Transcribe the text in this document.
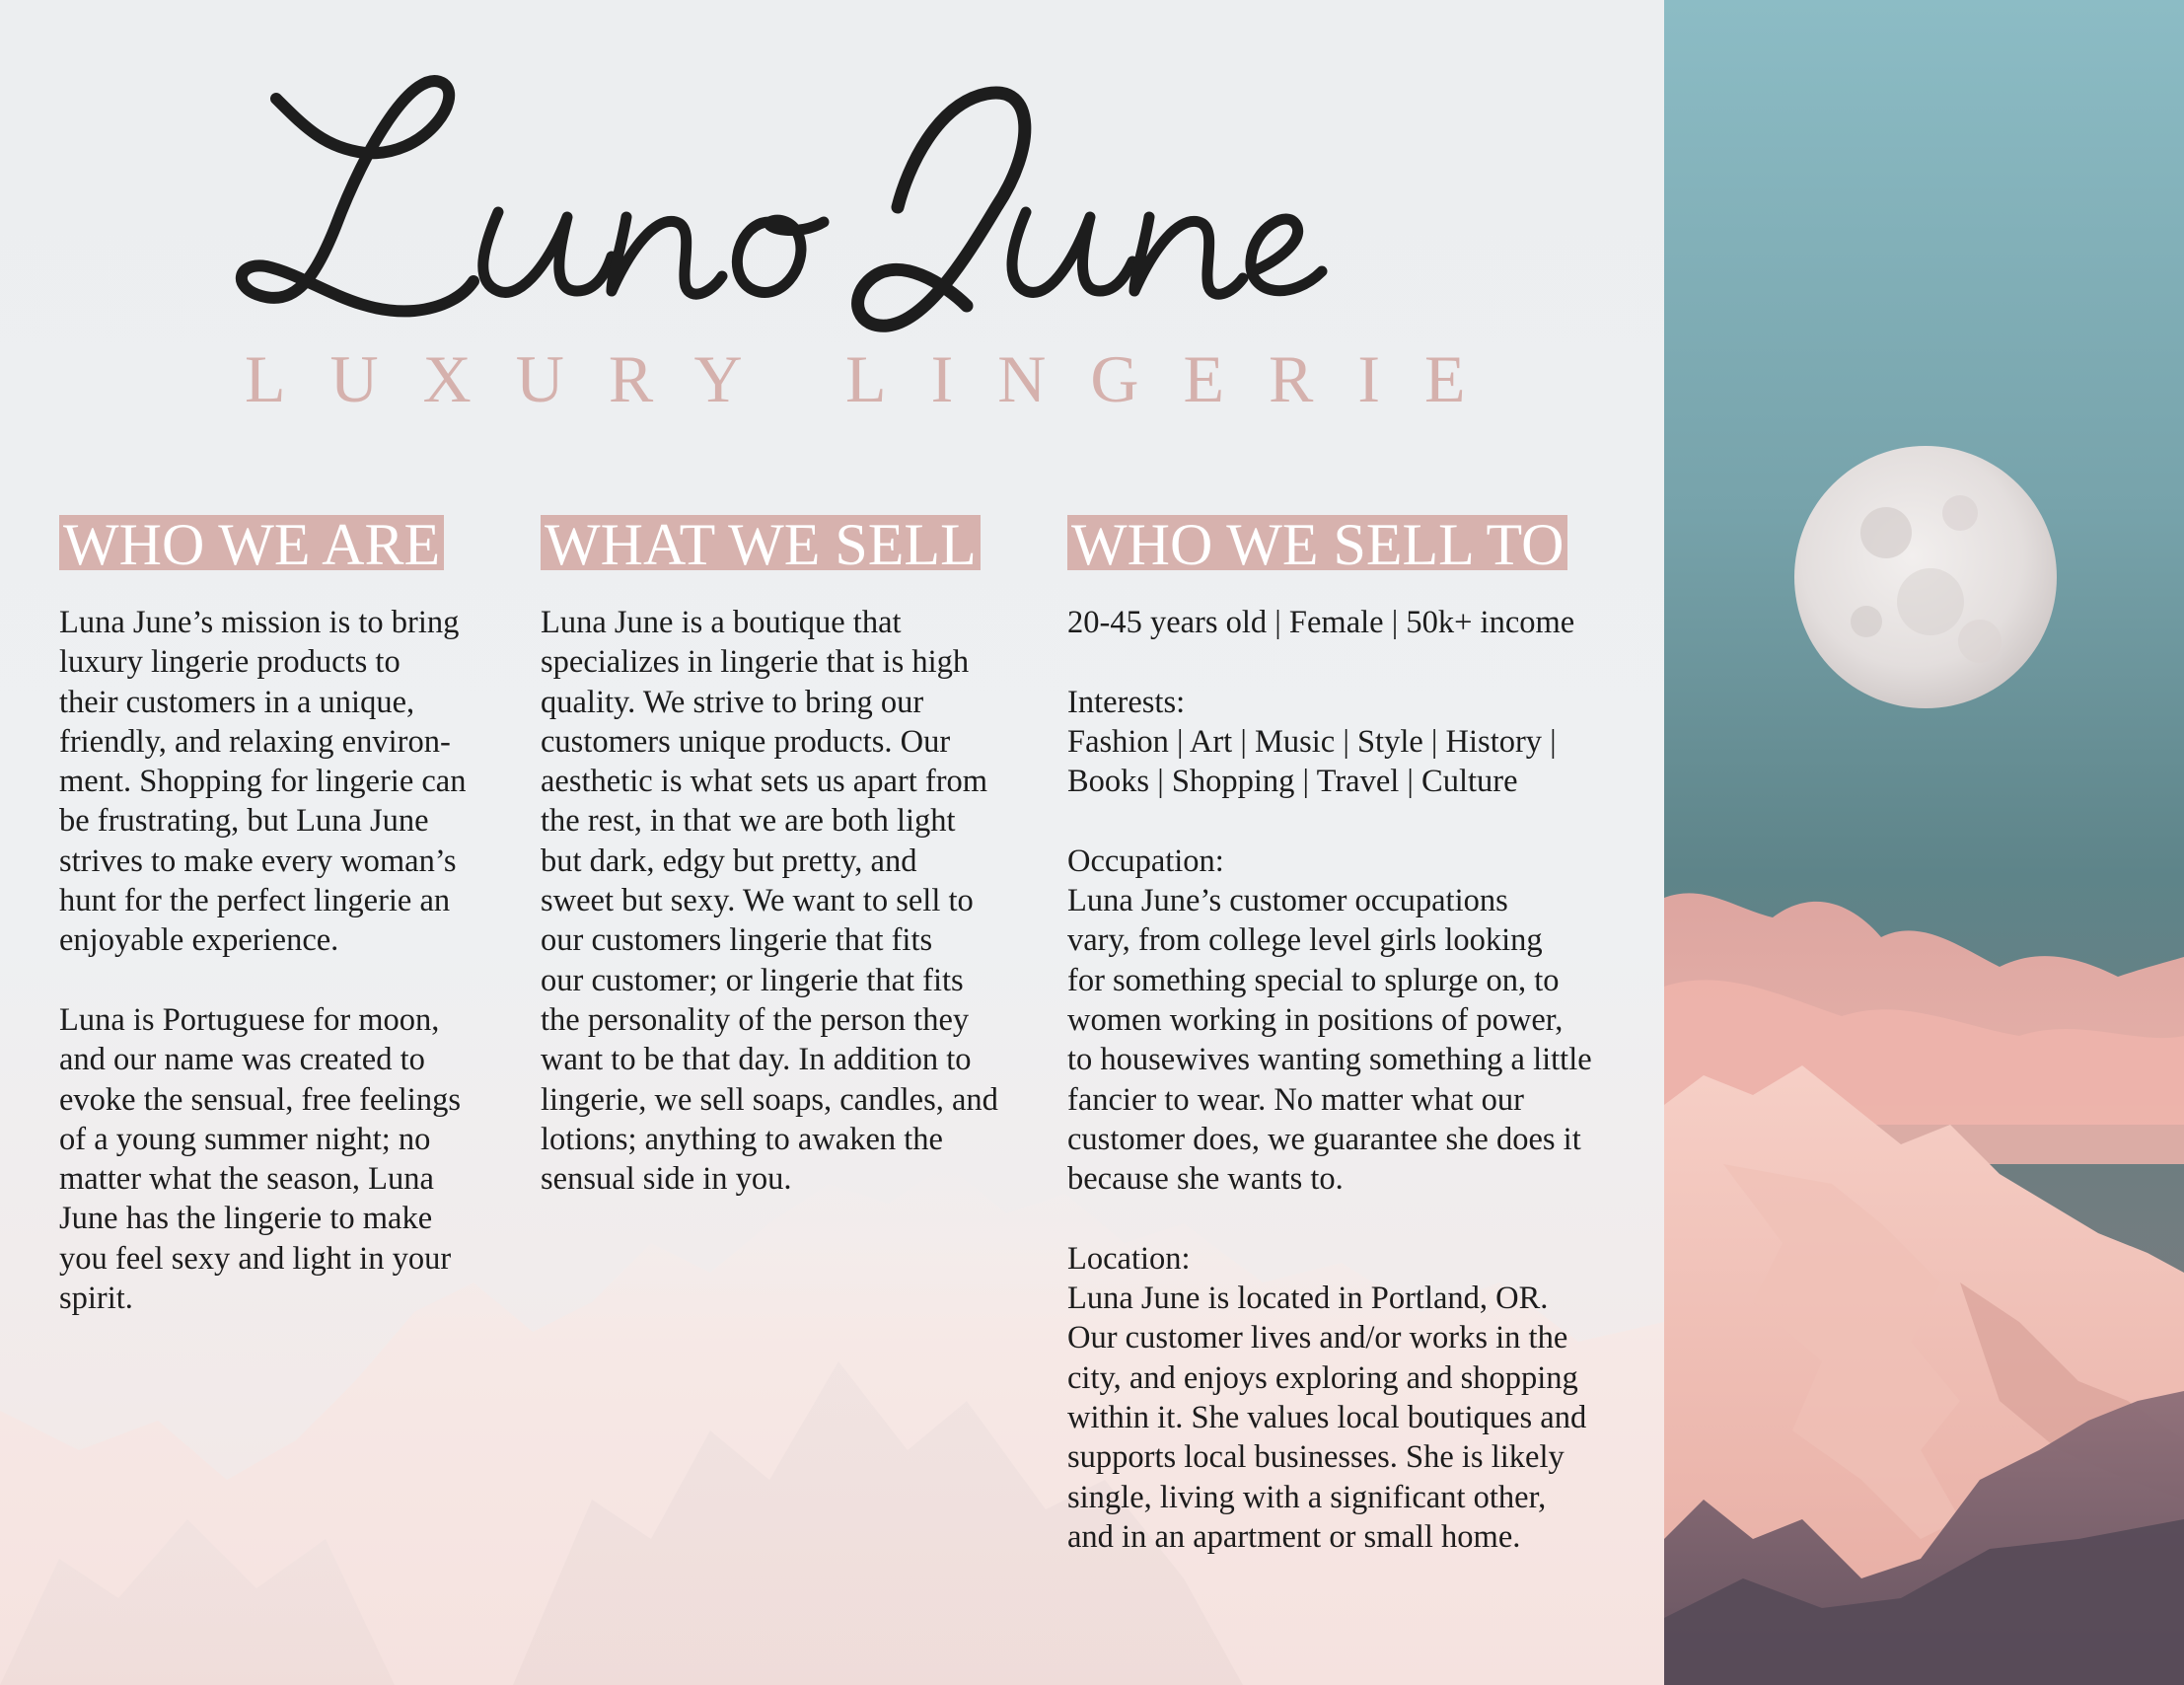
LUXURY LINGERIE
WHO WE ARE

Luna June’s mission is to bring
luxury lingerie products to
their customers in a unique,
friendly, and relaxing environ-
ment. Shopping for lingerie can
be frustrating, but Luna June
strives to make every woman’s
hunt for the perfect lingerie an
enjoyable experience.

Luna is Portuguese for moon,
and our name was created to
evoke the sensual, free feelings
of a young summer night; no
matter what the season, Luna
June has the lingerie to make
you feel sexy and light in your
spirit.

WHAT WE SELL

Luna June is a boutique that
specializes in lingerie that is high
quality. We strive to bring our
customers unique products. Our
aesthetic is what sets us apart from
the rest, in that we are both light
but dark, edgy but pretty, and
sweet but sexy. We want to sell to
our customers lingerie that fits
our customer; or lingerie that fits
the personality of the person they
want to be that day. In addition to
lingerie, we sell soaps, candles, and
lotions; anything to awaken the
sensual side in you.

WHO WE SELL TO

20-45 years old | Female | 50k+ income

Interests:
Fashion | Art | Music | Style | History |
Books | Shopping | Travel | Culture

Occupation:
Luna June’s customer occupations
vary, from college level girls looking
for something special to splurge on, to
women working in positions of power,
to housewives wanting something a little
fancier to wear. No matter what our
customer does, we guarantee she does it
because she wants to.

Location:
Luna June is located in Portland, OR.
Our customer lives and/or works in the
city, and enjoys exploring and shopping
within it. She values local boutiques and
supports local businesses. She is likely
single, living with a significant other,
and in an apartment or small home.
